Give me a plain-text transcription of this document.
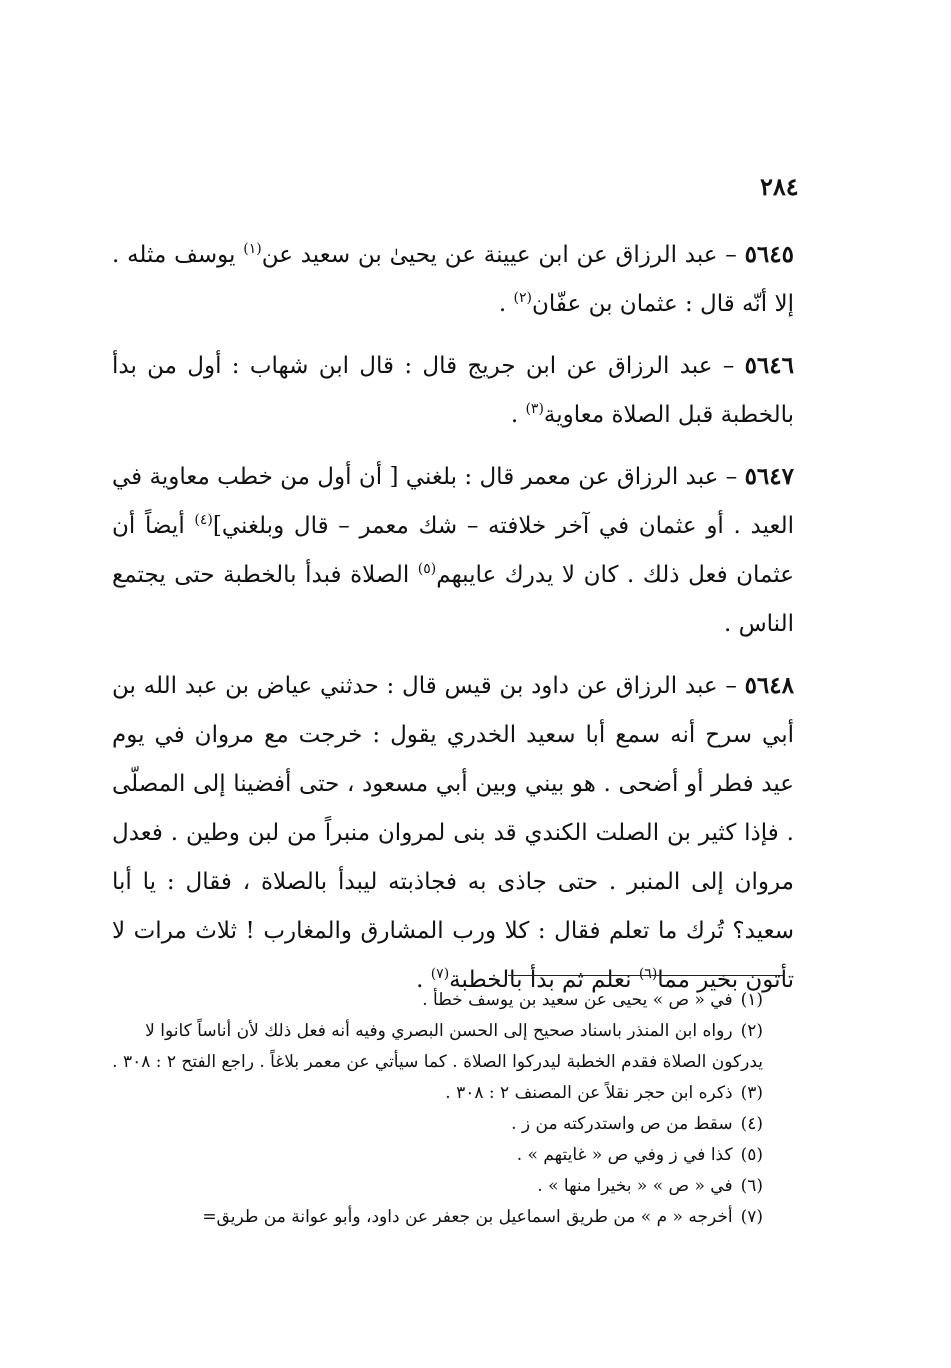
٢٨٤

٥٦٤٥ – عبد الرزاق عن ابن عيينة عن يحيىٰ بن سعيد عن$^{(١)}$ يوسف مثله . إلا أنّه قال : عثمان بن عفّان$^{(٢)}$ .

٥٦٤٦ – عبد الرزاق عن ابن جريج قال : قال ابن شهاب : أول من بدأ بالخطبة قبل الصلاة معاوية$^{(٣)}$ .

٥٦٤٧ – عبد الرزاق عن معمر قال : بلغني [ أن أول من خطب معاوية في العيد . أو عثمان في آخر خلافته – شك معمر – قال وبلغني]$^{(٤)}$ أيضاً أن عثمان فعل ذلك . كان لا يدرك عايبهم$^{(٥)}$ الصلاة فبدأ بالخطبة حتى يجتمع الناس .

٥٦٤٨ – عبد الرزاق عن داود بن قيس قال : حدثني عياض بن عبد الله بن أبي سرح أنه سمع أبا سعيد الخدري يقول : خرجت مع مروان في يوم عيد فطر أو أضحى . هو بيني وبين أبي مسعود ، حتى أفضينا إلى المصلّى . فإذا كثير بن الصلت الكندي قد بنى لمروان منبراً من لبن وطين . فعدل مروان إلى المنبر . حتى جاذى به فجاذبته ليبدأ بالصلاة ، فقال : يا أبا سعيد؟ تُرك ما تعلم فقال : كلا ورب المشارق والمغارب ! ثلاث مرات لا تأتون بخير مما$^{(٦)}$ نعلم ثم بدأ بالخطبة$^{(٧)}$ .

(١)في « ص » يحيى عن سعيد بن يوسف خطأ .

(٢)رواه ابن المنذر باسناد صحيح إلى الحسن البصري وفيه أنه فعل ذلك لأن أناساً كانوا لا يدركون الصلاة فقدم الخطبة ليدركوا الصلاة . كما سيأتي عن معمر بلاغاً . راجع الفتح ٢ : ٣٠٨ .

(٣)ذكره ابن حجر نقلاً عن المصنف ٢ : ٣٠٨ .

(٤)سقط من ص واستدركته من ز .

(٥)كذا في ز وفي ص « غايتهم » .

(٦)في « ص » « بخيرا منها » .

(٧)أخرجه « م » من طريق اسماعيل بن جعفر عن داود، وأبو عوانة من طريق=
